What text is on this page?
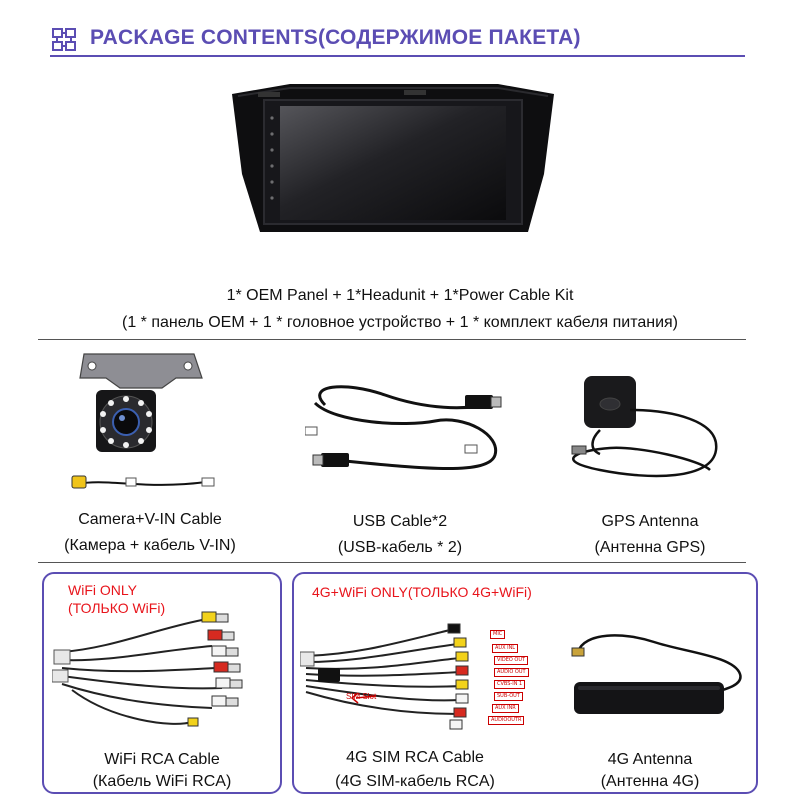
PACKAGE CONTENTS(СОДЕРЖИМОЕ ПАКЕТА)
1* OEM Panel + 1*Headunit + 1*Power Cable Kit
(1 * панель OEM + 1 * головное устройство + 1 * комплект кабеля питания)
Camera+V-IN Cable
(Камера + кабель V-IN)
USB Cable*2
(USB-кабель * 2)
GPS Antenna
(Антенна GPS)
WiFi ONLY
(ТОЛЬКО WiFi)
WiFi RCA Cable
(Кабель WiFi RCA)
4G+WiFi ONLY(ТОЛЬКО 4G+WiFi)
SIM Slot
MIC
AUX INL
VIDEO OUT
AUDIO OUT
CVBS-IN 1
SUB-OUT
AUX INR
AUDIOOUTR
4G SIM RCA Cable
(4G SIM-кабель RCA)
4G Antenna
(Антенна 4G)
